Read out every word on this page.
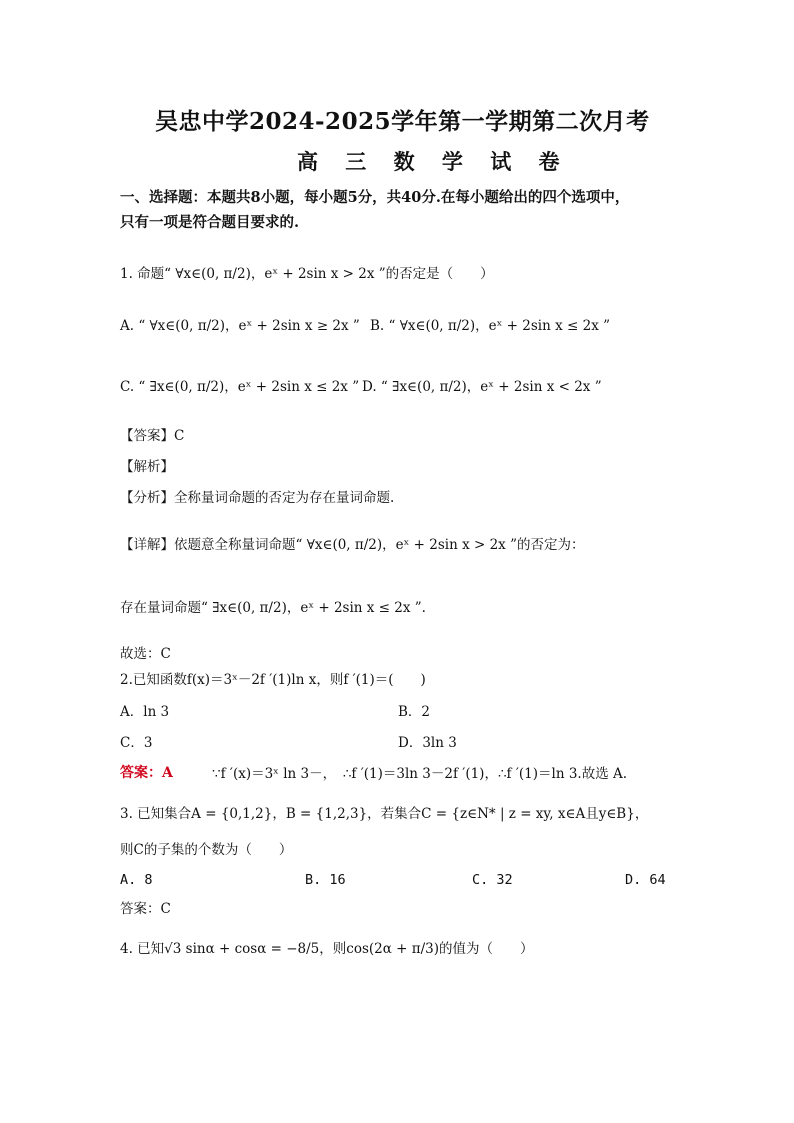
吴忠中学2024-2025学年第一学期第二次月考
高 三 数 学 试 卷
一、选择题：本题共8小题，每小题5分，共40分.在每小题给出的四个选项中，
只有一项是符合题目要求的.
1. 命题“ ∀x∈(0, π/2)，eˣ + 2sin x > 2x ”的否定是（　　）
A. “ ∀x∈(0, π/2)，eˣ + 2sin x ≥ 2x ” B. “ ∀x∈(0, π/2)，eˣ + 2sin x ≤ 2x ”
C. “ ∃x∈(0, π/2)，eˣ + 2sin x ≤ 2x ” D. “ ∃x∈(0, π/2)，eˣ + 2sin x < 2x ”
【答案】C
【解析】
【分析】全称量词命题的否定为存在量词命题.
【详解】依题意全称量词命题“ ∀x∈(0, π/2)，eˣ + 2sin x > 2x ”的否定为：
存在量词命题“ ∃x∈(0, π/2)，eˣ + 2sin x ≤ 2x ”.
故选：C
2.已知函数f(x)＝3ˣ－2f ′(1)ln x，则f ′(1)＝(　　)
A．ln 3	B．2
C．3	D．3ln 3
答案：A	∵f ′(x)＝3ˣ ln 3－，　∴f ′(1)＝3ln 3－2f ′(1)，∴f ′(1)＝ln 3.故选 A.
3. 已知集合A = {0,1,2}，B = {1,2,3}，若集合C = {z∈N* | z = xy, x∈A且y∈B}，
则C的子集的个数为（　　）
A. 8	B. 16	C. 32	D. 64
答案：C
4. 已知√3 sinα + cosα = −8/5，则cos(2α + π/3)的值为（　　）
